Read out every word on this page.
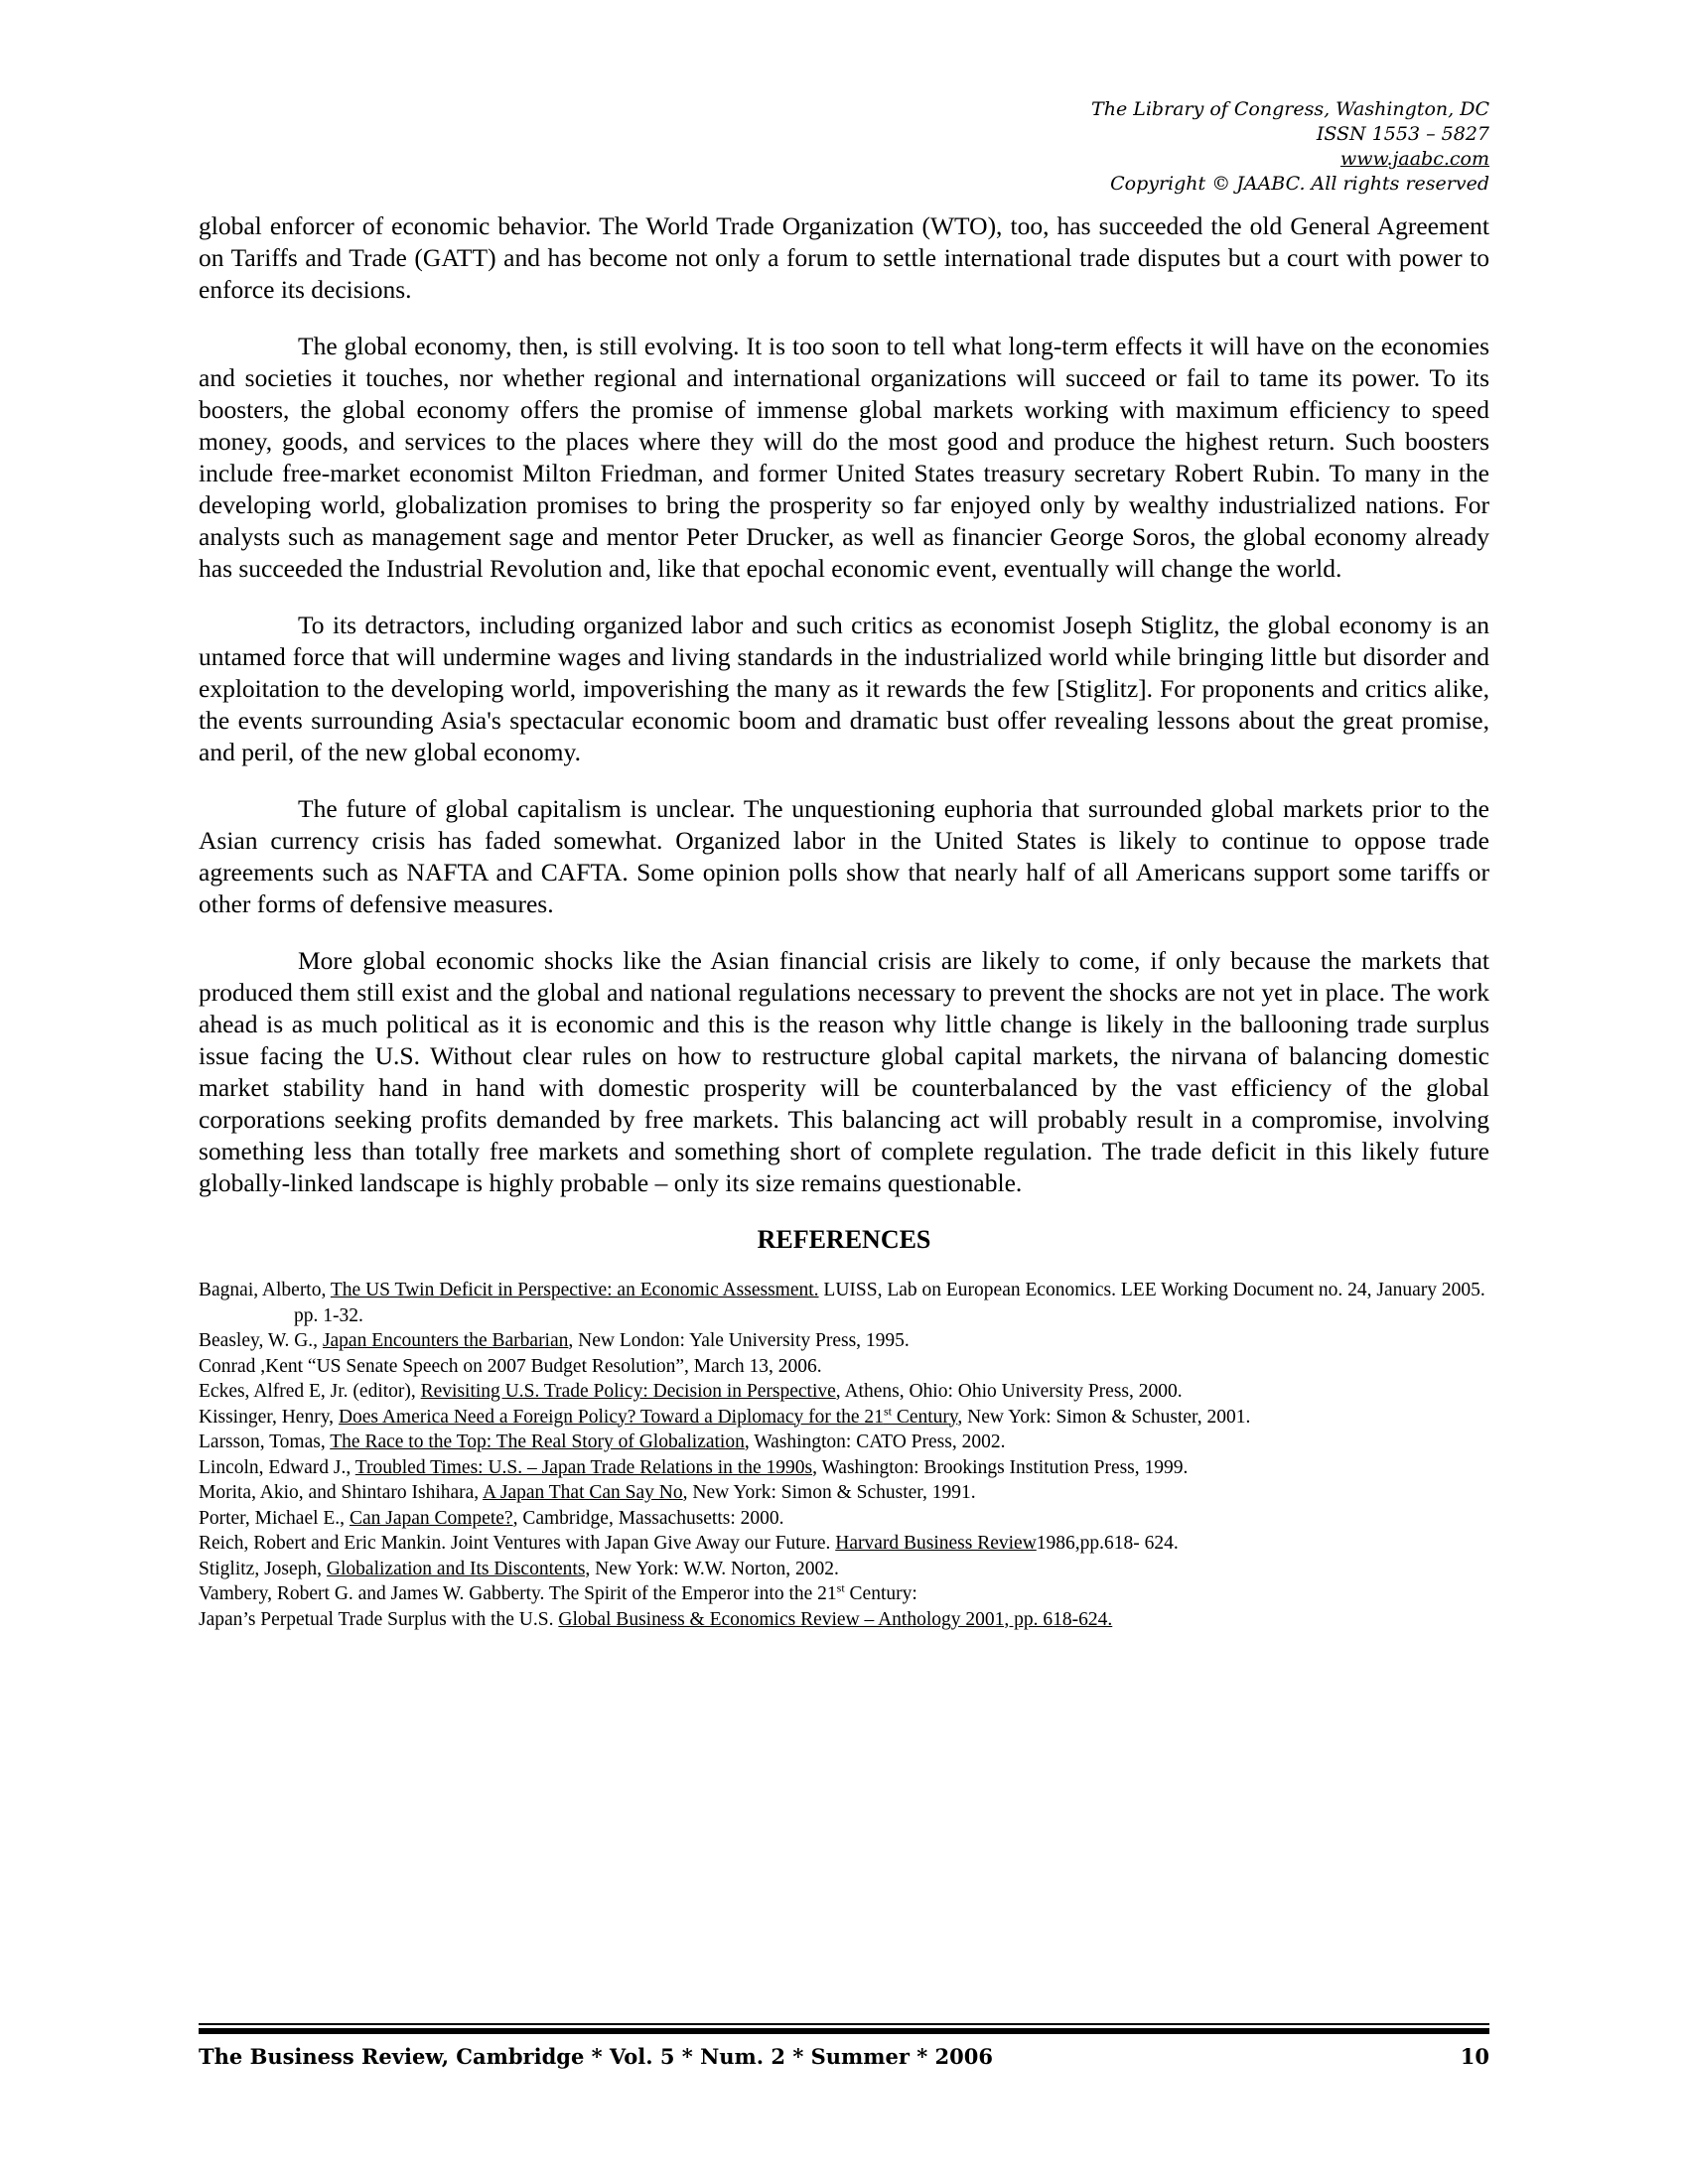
The Library of Congress, Washington, DC
ISSN 1553 – 5827
www.jaabc.com
Copyright © JAABC. All rights reserved

global enforcer of economic behavior. The World Trade Organization (WTO), too, has succeeded the old General Agreement on Tariffs and Trade (GATT) and has become not only a forum to settle international trade disputes but a court with power to enforce its decisions.

The global economy, then, is still evolving. It is too soon to tell what long-term effects it will have on the economies and societies it touches, nor whether regional and international organizations will succeed or fail to tame its power. To its boosters, the global economy offers the promise of immense global markets working with maximum efficiency to speed money, goods, and services to the places where they will do the most good and produce the highest return. Such boosters include free-market economist Milton Friedman, and former United States treasury secretary Robert Rubin. To many in the developing world, globalization promises to bring the prosperity so far enjoyed only by wealthy industrialized nations. For analysts such as management sage and mentor Peter Drucker, as well as financier George Soros, the global economy already has succeeded the Industrial Revolution and, like that epochal economic event, eventually will change the world.

To its detractors, including organized labor and such critics as economist Joseph Stiglitz, the global economy is an untamed force that will undermine wages and living standards in the industrialized world while bringing little but disorder and exploitation to the developing world, impoverishing the many as it rewards the few [Stiglitz]. For proponents and critics alike, the events surrounding Asia's spectacular economic boom and dramatic bust offer revealing lessons about the great promise, and peril, of the new global economy.

The future of global capitalism is unclear. The unquestioning euphoria that surrounded global markets prior to the Asian currency crisis has faded somewhat. Organized labor in the United States is likely to continue to oppose trade agreements such as NAFTA and CAFTA. Some opinion polls show that nearly half of all Americans support some tariffs or other forms of defensive measures.

More global economic shocks like the Asian financial crisis are likely to come, if only because the markets that produced them still exist and the global and national regulations necessary to prevent the shocks are not yet in place. The work ahead is as much political as it is economic and this is the reason why little change is likely in the ballooning trade surplus issue facing the U.S. Without clear rules on how to restructure global capital markets, the nirvana of balancing domestic market stability hand in hand with domestic prosperity will be counterbalanced by the vast efficiency of the global corporations seeking profits demanded by free markets. This balancing act will probably result in a compromise, involving something less than totally free markets and something short of complete regulation. The trade deficit in this likely future globally-linked landscape is highly probable – only its size remains questionable.

REFERENCES
Bagnai, Alberto, The US Twin Deficit in Perspective: an Economic Assessment. LUISS, Lab on European Economics. LEE Working Document no. 24, January 2005. pp. 1-32.
Beasley, W. G., Japan Encounters the Barbarian, New London: Yale University Press, 1995.
Conrad ,Kent “US Senate Speech on 2007 Budget Resolution”, March 13, 2006.
Eckes, Alfred E, Jr. (editor), Revisiting U.S. Trade Policy: Decision in Perspective, Athens, Ohio: Ohio University Press, 2000.
Kissinger, Henry, Does America Need a Foreign Policy? Toward a Diplomacy for the 21st Century, New York: Simon & Schuster, 2001.
Larsson, Tomas, The Race to the Top: The Real Story of Globalization, Washington: CATO Press, 2002.
Lincoln, Edward J., Troubled Times: U.S. – Japan Trade Relations in the 1990s, Washington: Brookings Institution Press, 1999.
Morita, Akio, and Shintaro Ishihara, A Japan That Can Say No, New York: Simon & Schuster, 1991.
Porter, Michael E., Can Japan Compete?, Cambridge, Massachusetts: 2000.
Reich, Robert and Eric Mankin. Joint Ventures with Japan Give Away our Future. Harvard Business Review1986,pp.618- 624.
Stiglitz, Joseph, Globalization and Its Discontents, New York: W.W. Norton, 2002.
Vambery, Robert G. and James W. Gabberty. The Spirit of the Emperor into the 21st Century:
Japan’s Perpetual Trade Surplus with the U.S. Global Business & Economics Review – Anthology 2001, pp. 618-624.
The Business Review, Cambridge * Vol. 5 * Num. 2 * Summer * 2006	10
